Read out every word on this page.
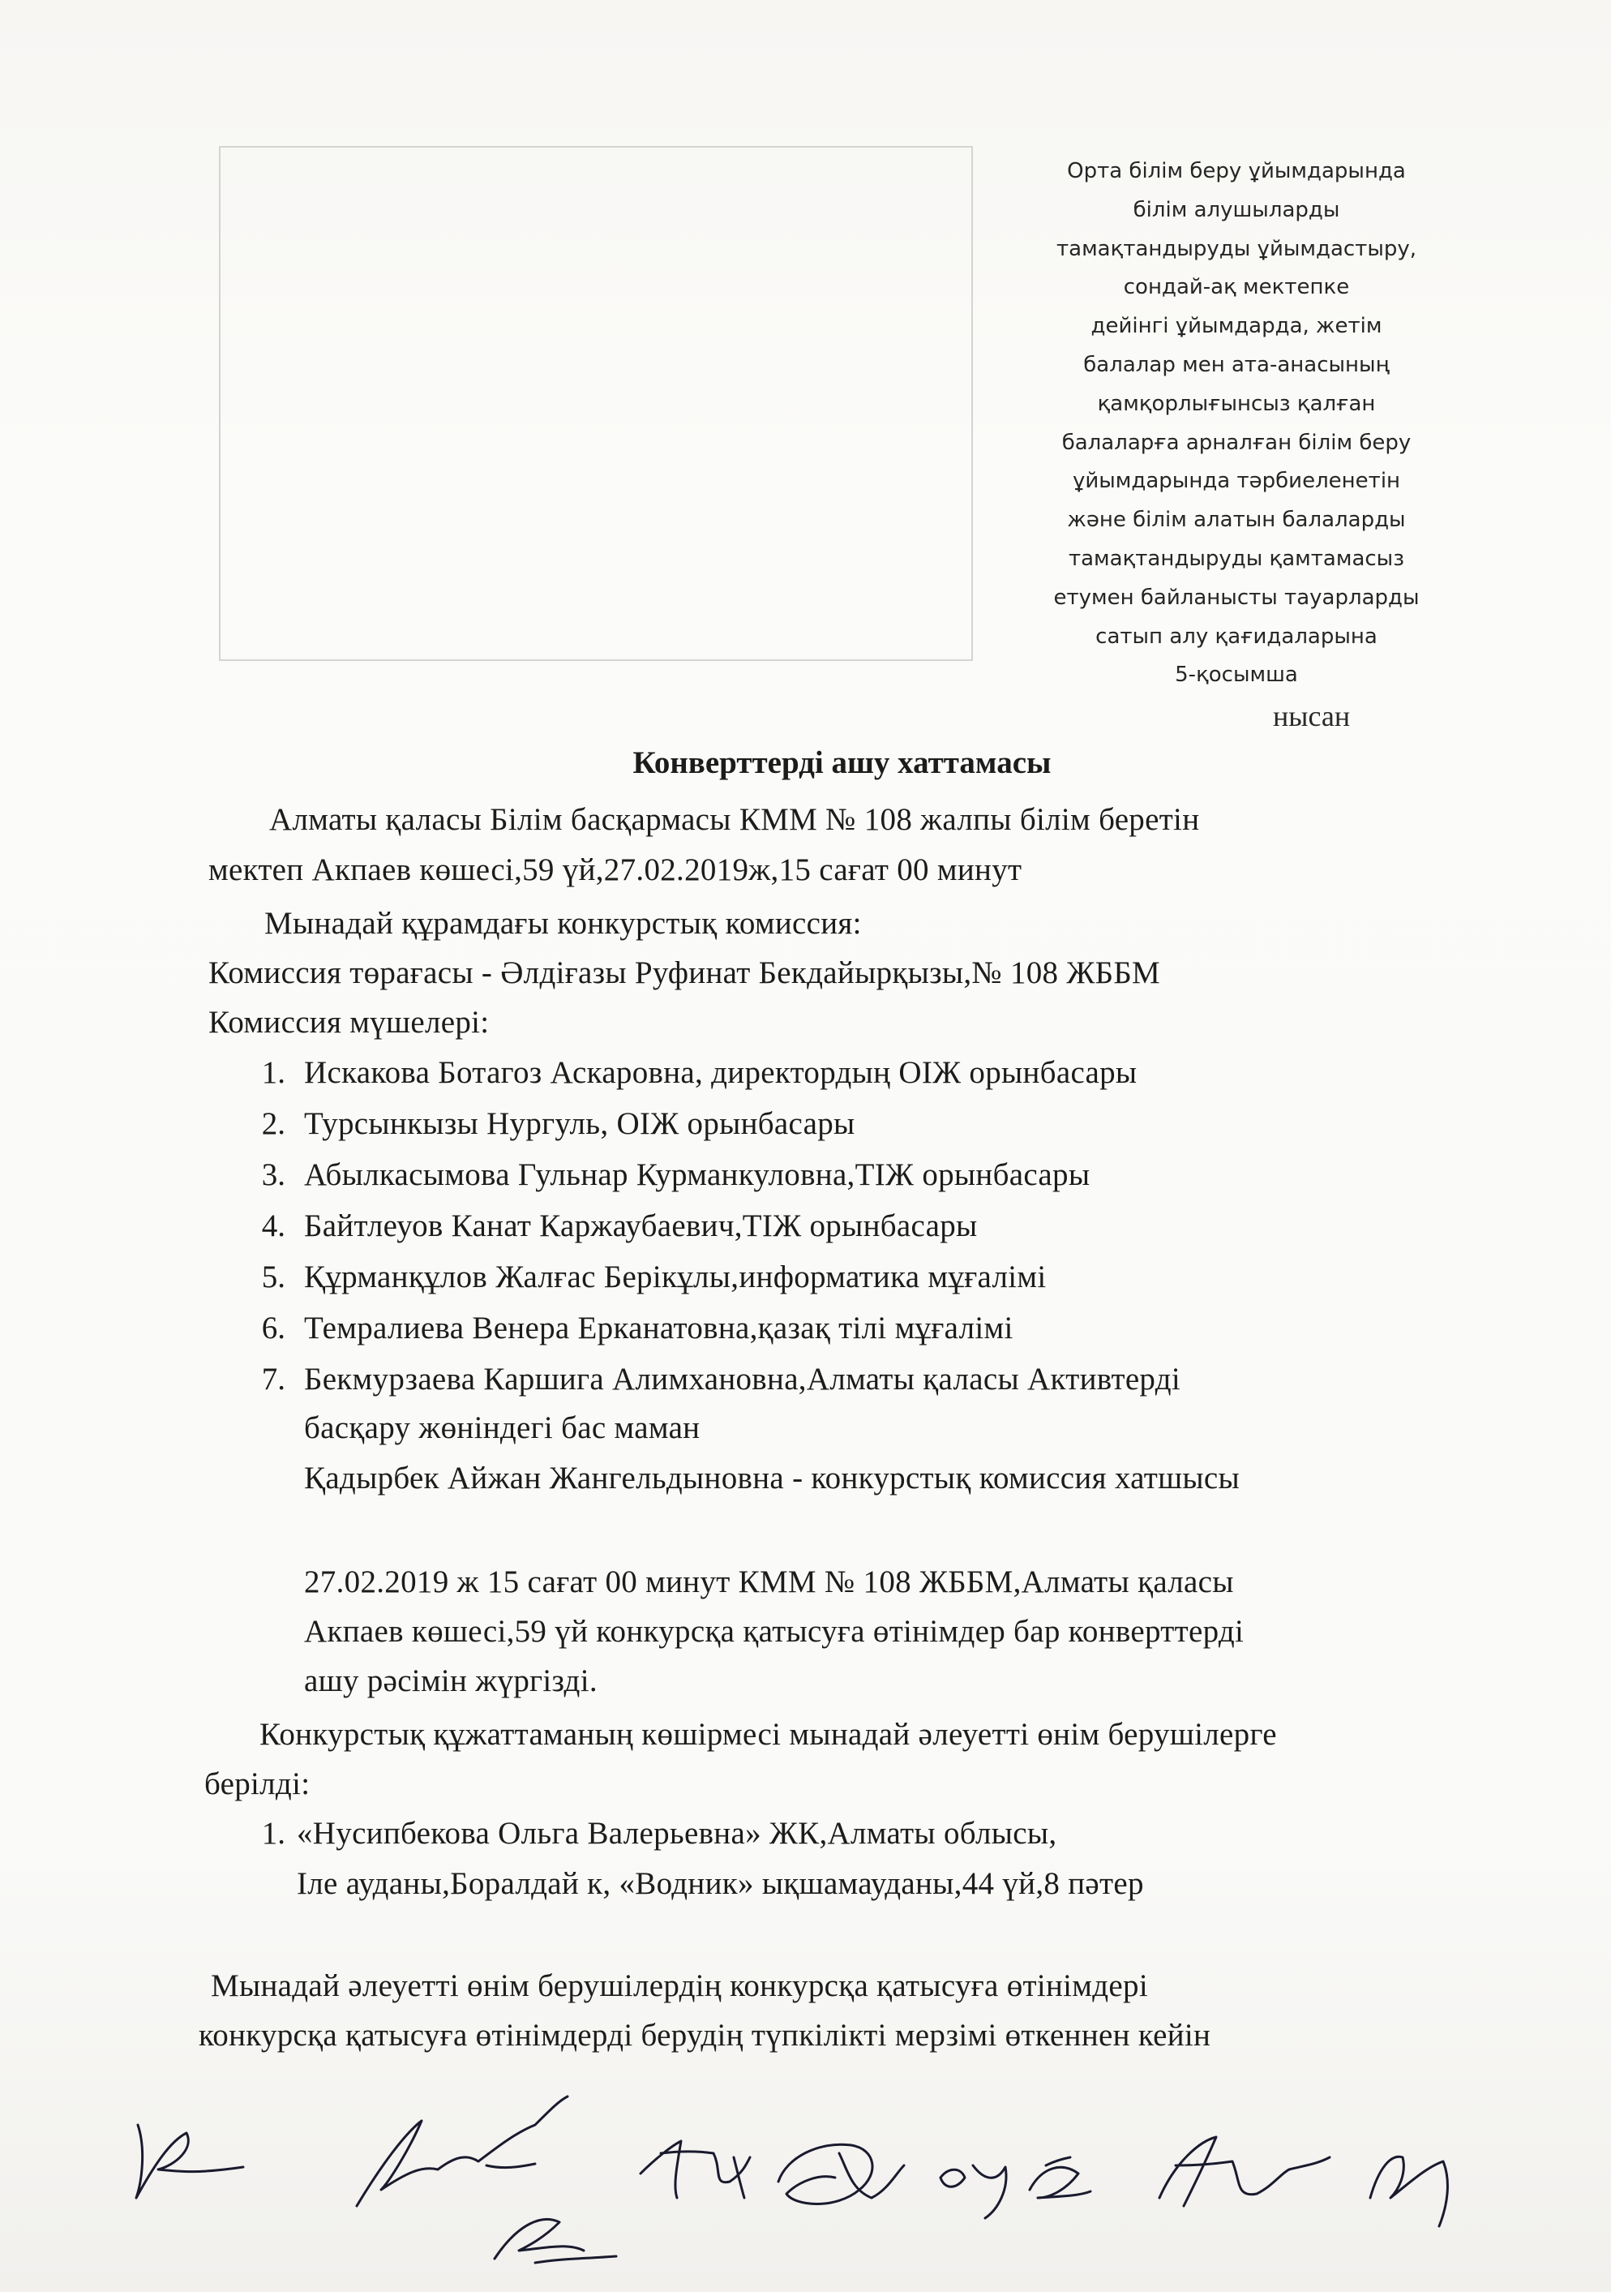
Орта білім беру ұйымдарында
білім алушыларды
тамақтандыруды ұйымдастыру,
сондай-ақ мектепке
дейінгі ұйымдарда, жетім
балалар мен ата-анасының
қамқорлығынсыз қалған
балаларға арналған білім беру
ұйымдарында тәрбиеленетін
және білім алатын балаларды
тамақтандыруды қамтамасыз
етумен байланысты тауарларды
сатып алу қағидаларына
5-қосымша
нысан
Конверттерді ашу хаттамасы
Алматы қаласы Білім басқармасы КММ № 108 жалпы білім беретін
мектеп Акпаев көшесі,59 үй,27.02.2019ж,15 сағат 00 минут
Мынадай құрамдағы конкурстық комиссия:
Комиссия төрағасы - Әлдіғазы Руфинат Бекдайырқызы,№ 108 ЖББМ
Комиссия мүшелері:
1. Искакова Ботагоз Аскаровна, директордың ОІЖ орынбасары
2. Турсынкызы Нургуль, ОІЖ орынбасары
3. Абылкасымова Гульнар Курманкуловна,ТІЖ орынбасары
4. Байтлеуов Канат Каржаубаевич,ТІЖ орынбасары
5. Құрманқұлов Жалғас Берікұлы,информатика мұғалімі
6. Темралиева Венера Ерканатовна,қазақ тілі мұғалімі
7. Бекмурзаева Каршига Алимхановна,Алматы қаласы Активтерді
басқару жөніндегі бас маман
Қадырбек Айжан Жангельдыновна - конкурстық комиссия хатшысы
27.02.2019 ж 15 сағат 00 минут КММ № 108 ЖББМ,Алматы қаласы
Акпаев көшесі,59 үй конкурсқа қатысуға өтінімдер бар конверттерді
ашу рәсімін жүргізді.
Конкурстық құжаттаманың көшірмесі мынадай әлеуетті өнім берушілерге
берілді:
1. «Нусипбекова Ольга Валерьевна» ЖК,Алматы облысы,
Іле ауданы,Боралдай к, «Водник» ықшамауданы,44 үй,8 пәтер
Мынадай әлеуетті өнім берушілердің конкурсқа қатысуға өтінімдері
конкурсқа қатысуға өтінімдерді берудің түпкілікті мерзімі өткеннен кейін
